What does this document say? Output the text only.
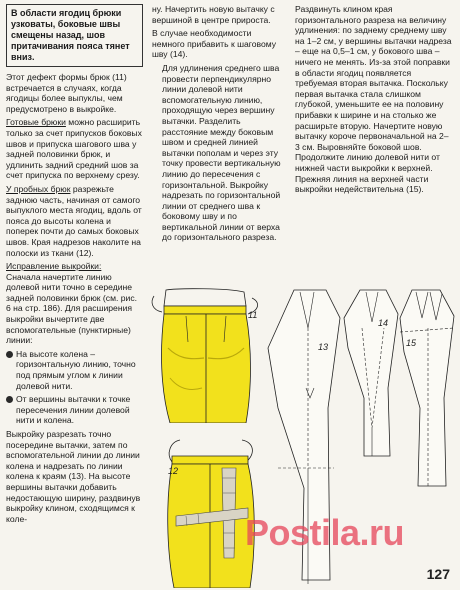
В области ягодиц брюки узковаты, боковые швы смещены назад, шов притачивания пояса тянет вниз.

Этот дефект формы брюк (11) встречается в случаях, когда ягодицы более выпуклы, чем предусмотрено в выкройке.

Готовые брюки можно расширить только за счет припусков боковых швов и припуска шагового шва у задней половинки брюк, и удлинить задний средний шов за счет припуска по верхнему срезу.

У пробных брюк разрежьте заднюю часть, начиная от самого выпуклого места ягодиц, вдоль от пояса до высоты колена и поперек почти до самых боковых швов. Края надрезов наколите на полоски из ткани (12).

Исправление выкройки:
Сначала начертите линию долевой нити точно в середине задней половинки брюк (см. рис. 6 на стр. 186). Для расширения выкройки вычертите две вспомогательные (пунктирные) линии:

На высоте колена – горизонтальную линию, точно под прямым углом к линии долевой нити.
От вершины вытачки к точке пересечения линии долевой нити и колена.

Выкройку разрезать точно посередине вытачки, затем по вспомогательной линии до линии колена и надрезать по линии колена к краям (13). На высоте вершины вытачки добавить недостающую ширину, раздвинув выкройку клином, сходящимся к коле-

ну. Начертить новую вытачку с вершиной в центре прироста.

В случае необходимости немного прибавить к шаговому шву (14).

Для удлинения среднего шва провести перпендикулярно линии долевой нити вспомогательную линию, проходящую через вершину вытачки. Разделить расстояние между боковым швом и средней линией вытачки пополам и через эту точку провести вертикальную линию до пересечения с горизонтальной. Выкройку надрезать по горизонтальной линии от среднего шва к боковому шву и по вертикальной линии от верха до горизонтального разреза.

Раздвинуть клином края горизонтального разреза на величину удлинения: по заднему среднему шву на 1–2 см, у вершины вытачки надреза – еще на 0,5–1 см, у бокового шва – ничего не менять. Из-за этой поправки в области ягодиц появляется требуемая вторая вытачка. Поскольку первая вытачка стала слишком глубокой, уменьшите ее на половину прибавки к ширине и на столько же расширьте вторую. Начертите новую вытачку короче первоначальной на 2–3 см. Выровняйте боковой шов. Продолжите линию долевой нити от нижней части выкройки к верхней. Прежняя линия на верхней части выкройки недействительна (15).

11
12
13
14
15
Postila.ru
127
